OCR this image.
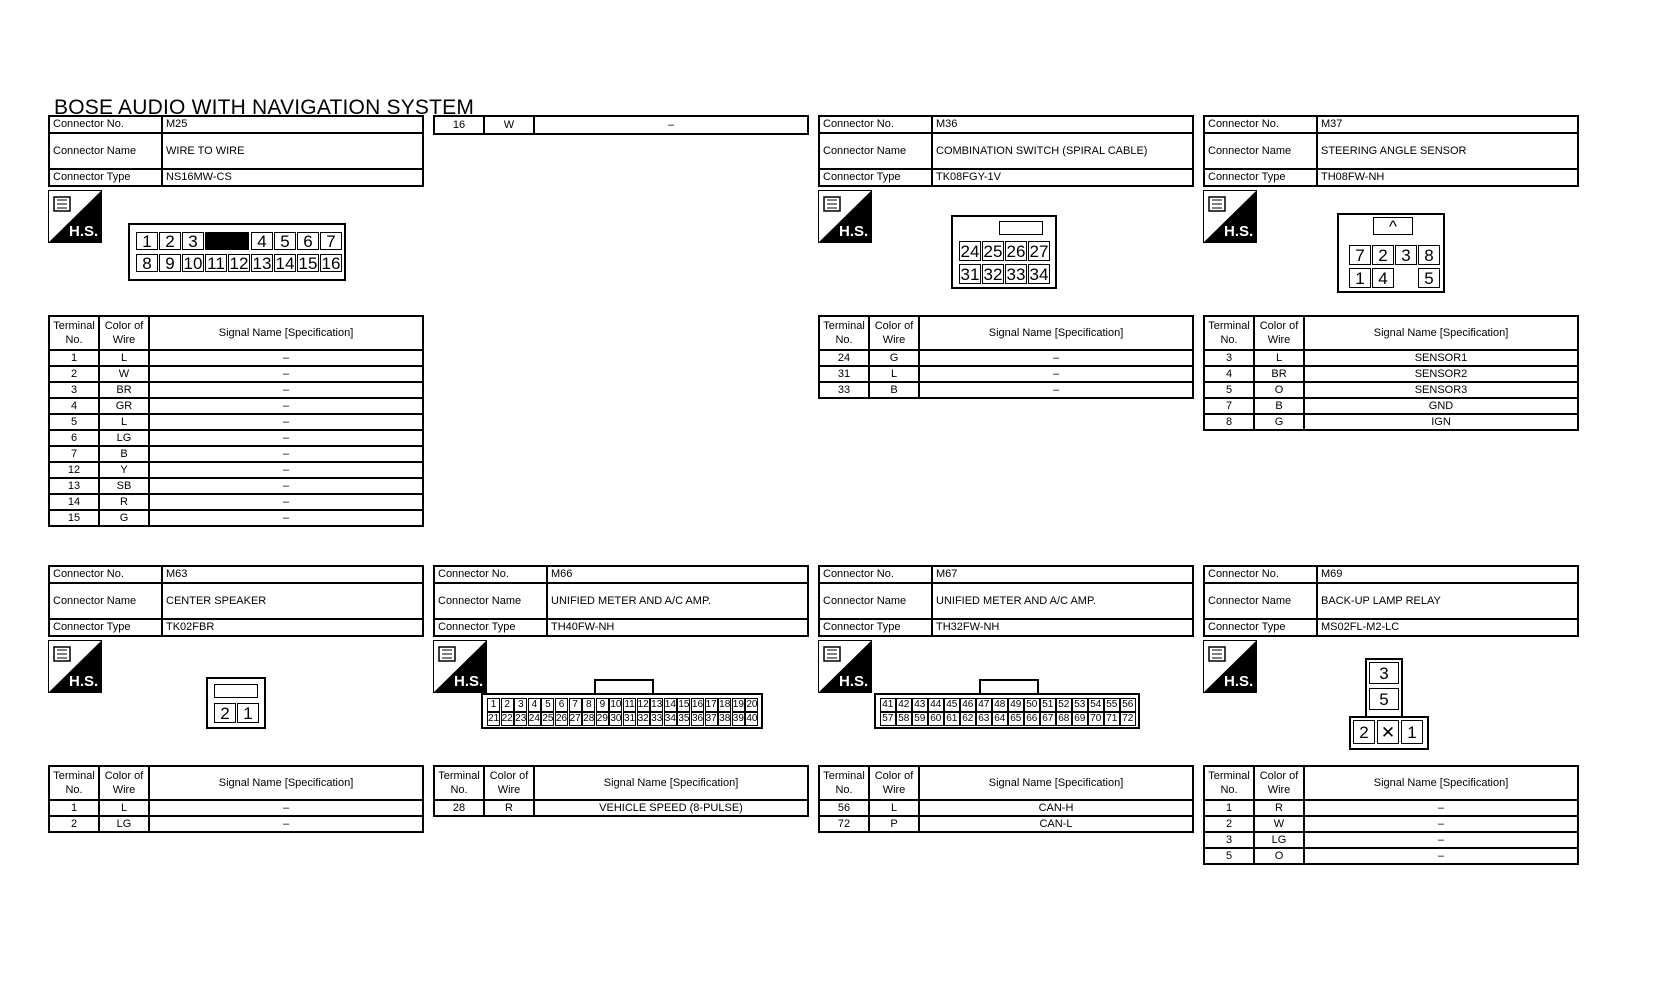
BOSE AUDIO WITH NAVIGATION SYSTEM
16	W	–
Connector No.	M25
Connector Name	WIRE TO WIRE
Connector Type	NS16MW-CS
H.S.	1 2 3	4 5 6 7
8 9 10 11 12 13 14 15 16
Terminal No.	Color of Wire	Signal Name [Specification]
1	L	–
2	W	–
3	BR	–
4	GR	–
5	L	–
6	LG	–
7	B	–
12	Y	–
13	SB	–
14	R	–
15	G	–
Connector No.	M36
Connector Name	COMBINATION SWITCH (SPIRAL CABLE)
Connector Type	TK08FGY-1V
H.S.
24 25 26 27
31 32 33 34
Terminal No.	Color of Wire	Signal Name [Specification]
24	G	–
31	L	–
33	B	–
Connector No.	M37
Connector Name	STEERING ANGLE SENSOR
Connector Type	TH08FW-NH
H.S.	^
7 2 3 8
1 4	5
Terminal No.	Color of Wire	Signal Name [Specification]
3	L	SENSOR1
4	BR	SENSOR2
5	O	SENSOR3
7	B	GND
8	G	IGN
Connector No.	M63
Connector Name	CENTER SPEAKER
Connector Type	TK02FBR
H.S.
2 1
Terminal No.	Color of Wire	Signal Name [Specification]
1	L	–
2	LG	–
Connector No.	M66
Connector Name	UNIFIED METER AND A/C AMP.
Connector Type	TH40FW-NH
H.S.
1 2 3 4 5 6 7 8 9 10 11 12 13 14 15 16 17 18 19 20
21 22 23 24 25 26 27 28 29 30 31 32 33 34 35 36 37 38 39 40
Terminal No.	Color of Wire	Signal Name [Specification]
28	R	VEHICLE SPEED (8-PULSE)
Connector No.	M67
Connector Name	UNIFIED METER AND A/C AMP.
Connector Type	TH32FW-NH
H.S.
41 42 43 44 45 46 47 48 49 50 51 52 53 54 55 56
57 58 59 60 61 62 63 64 65 66 67 68 69 70 71 72
Terminal No.	Color of Wire	Signal Name [Specification]
56	L	CAN-H
72	P	CAN-L
Connector No.	M69
Connector Name	BACK-UP LAMP RELAY
Connector Type	MS02FL-M2-LC
H.S.	3
5
2 ✕ 1
Terminal No.	Color of Wire	Signal Name [Specification]
1	R	–
2	W	–
3	LG	–
5	O	–
